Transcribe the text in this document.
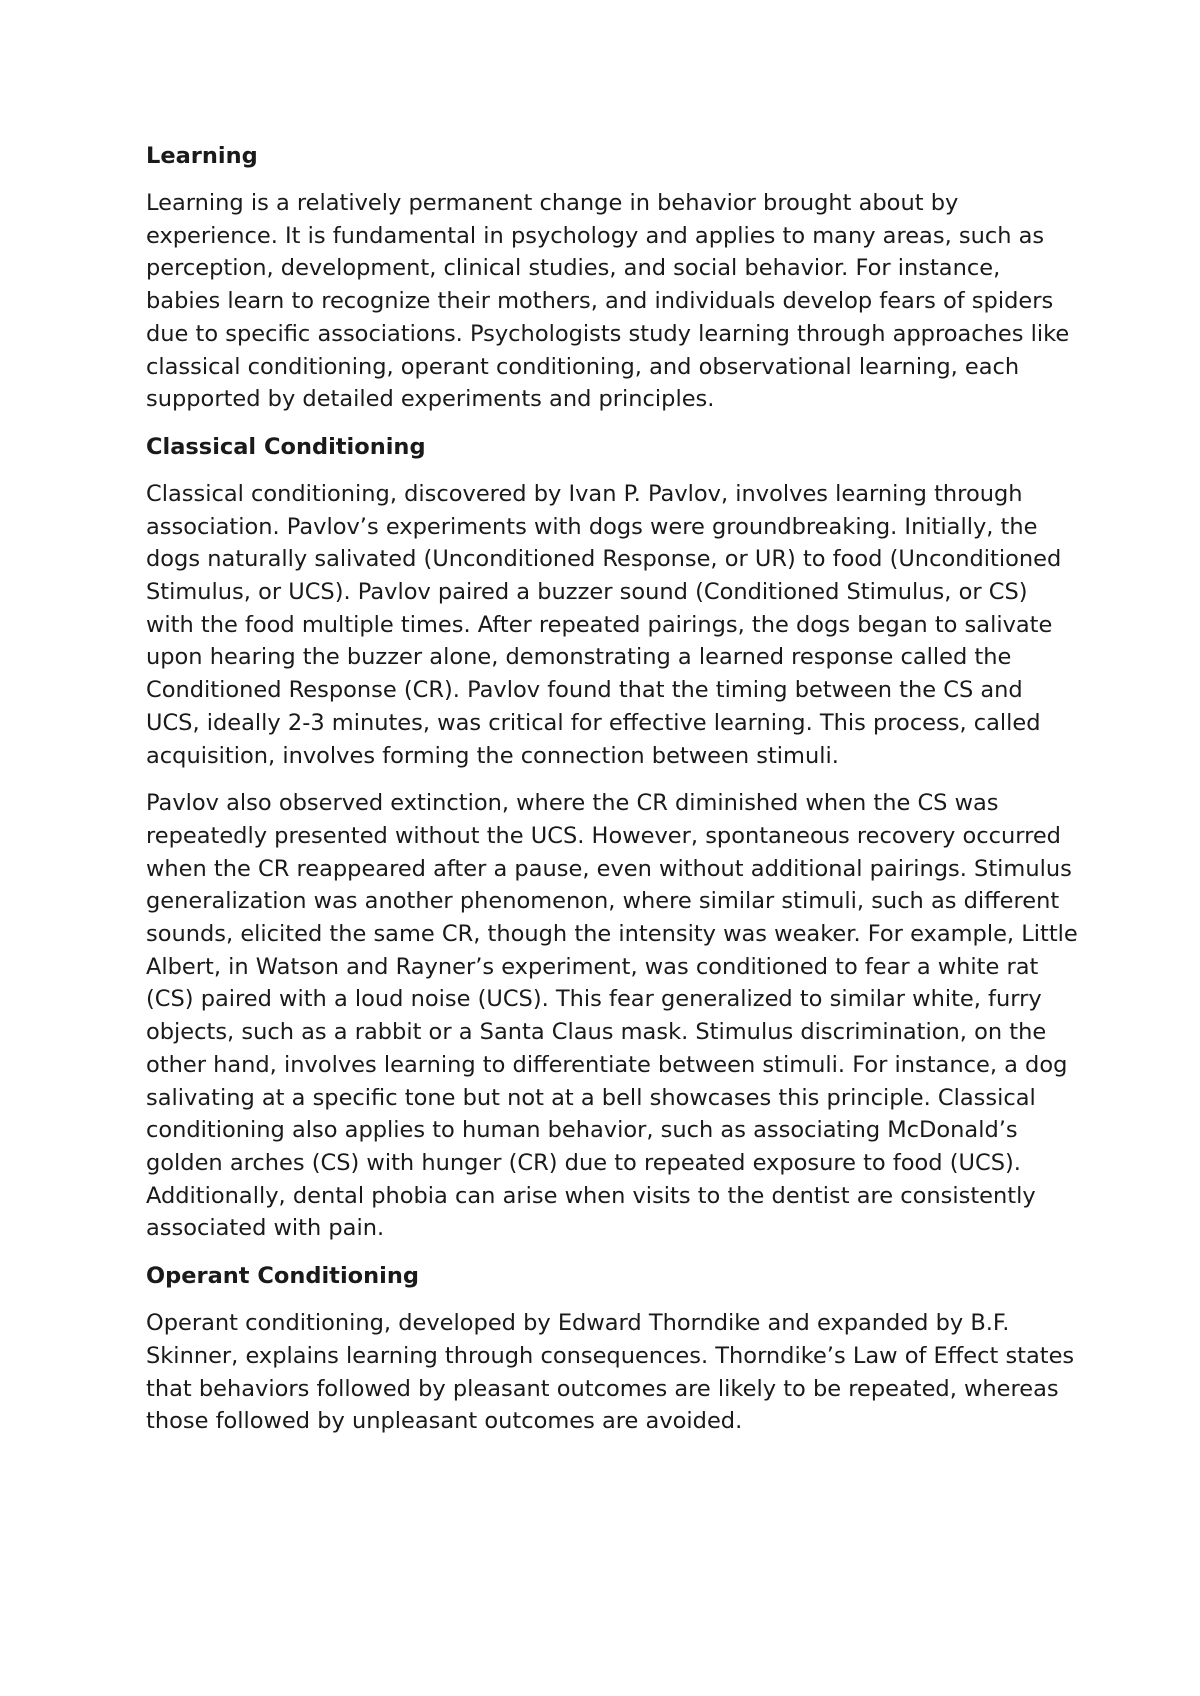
Learning

Learning is a relatively permanent change in behavior brought about by experience. It is fundamental in psychology and applies to many areas, such as perception, development, clinical studies, and social behavior. For instance, babies learn to recognize their mothers, and individuals develop fears of spiders due to specific associations. Psychologists study learning through approaches like classical conditioning, operant conditioning, and observational learning, each supported by detailed experiments and principles.

Classical Conditioning

Classical conditioning, discovered by Ivan P. Pavlov, involves learning through association. Pavlov’s experiments with dogs were groundbreaking. Initially, the dogs naturally salivated (Unconditioned Response, or UR) to food (Unconditioned Stimulus, or UCS). Pavlov paired a buzzer sound (Conditioned Stimulus, or CS) with the food multiple times. After repeated pairings, the dogs began to salivate upon hearing the buzzer alone, demonstrating a learned response called the Conditioned Response (CR). Pavlov found that the timing between the CS and UCS, ideally 2-3 minutes, was critical for effective learning. This process, called acquisition, involves forming the connection between stimuli.

Pavlov also observed extinction, where the CR diminished when the CS was repeatedly presented without the UCS. However, spontaneous recovery occurred when the CR reappeared after a pause, even without additional pairings. Stimulus generalization was another phenomenon, where similar stimuli, such as different sounds, elicited the same CR, though the intensity was weaker. For example, Little Albert, in Watson and Rayner’s experiment, was conditioned to fear a white rat (CS) paired with a loud noise (UCS). This fear generalized to similar white, furry objects, such as a rabbit or a Santa Claus mask. Stimulus discrimination, on the other hand, involves learning to differentiate between stimuli. For instance, a dog salivating at a specific tone but not at a bell showcases this principle. Classical conditioning also applies to human behavior, such as associating McDonald’s golden arches (CS) with hunger (CR) due to repeated exposure to food (UCS). Additionally, dental phobia can arise when visits to the dentist are consistently associated with pain.

Operant Conditioning

Operant conditioning, developed by Edward Thorndike and expanded by B.F. Skinner, explains learning through consequences. Thorndike’s Law of Effect states that behaviors followed by pleasant outcomes are likely to be repeated, whereas those followed by unpleasant outcomes are avoided.
